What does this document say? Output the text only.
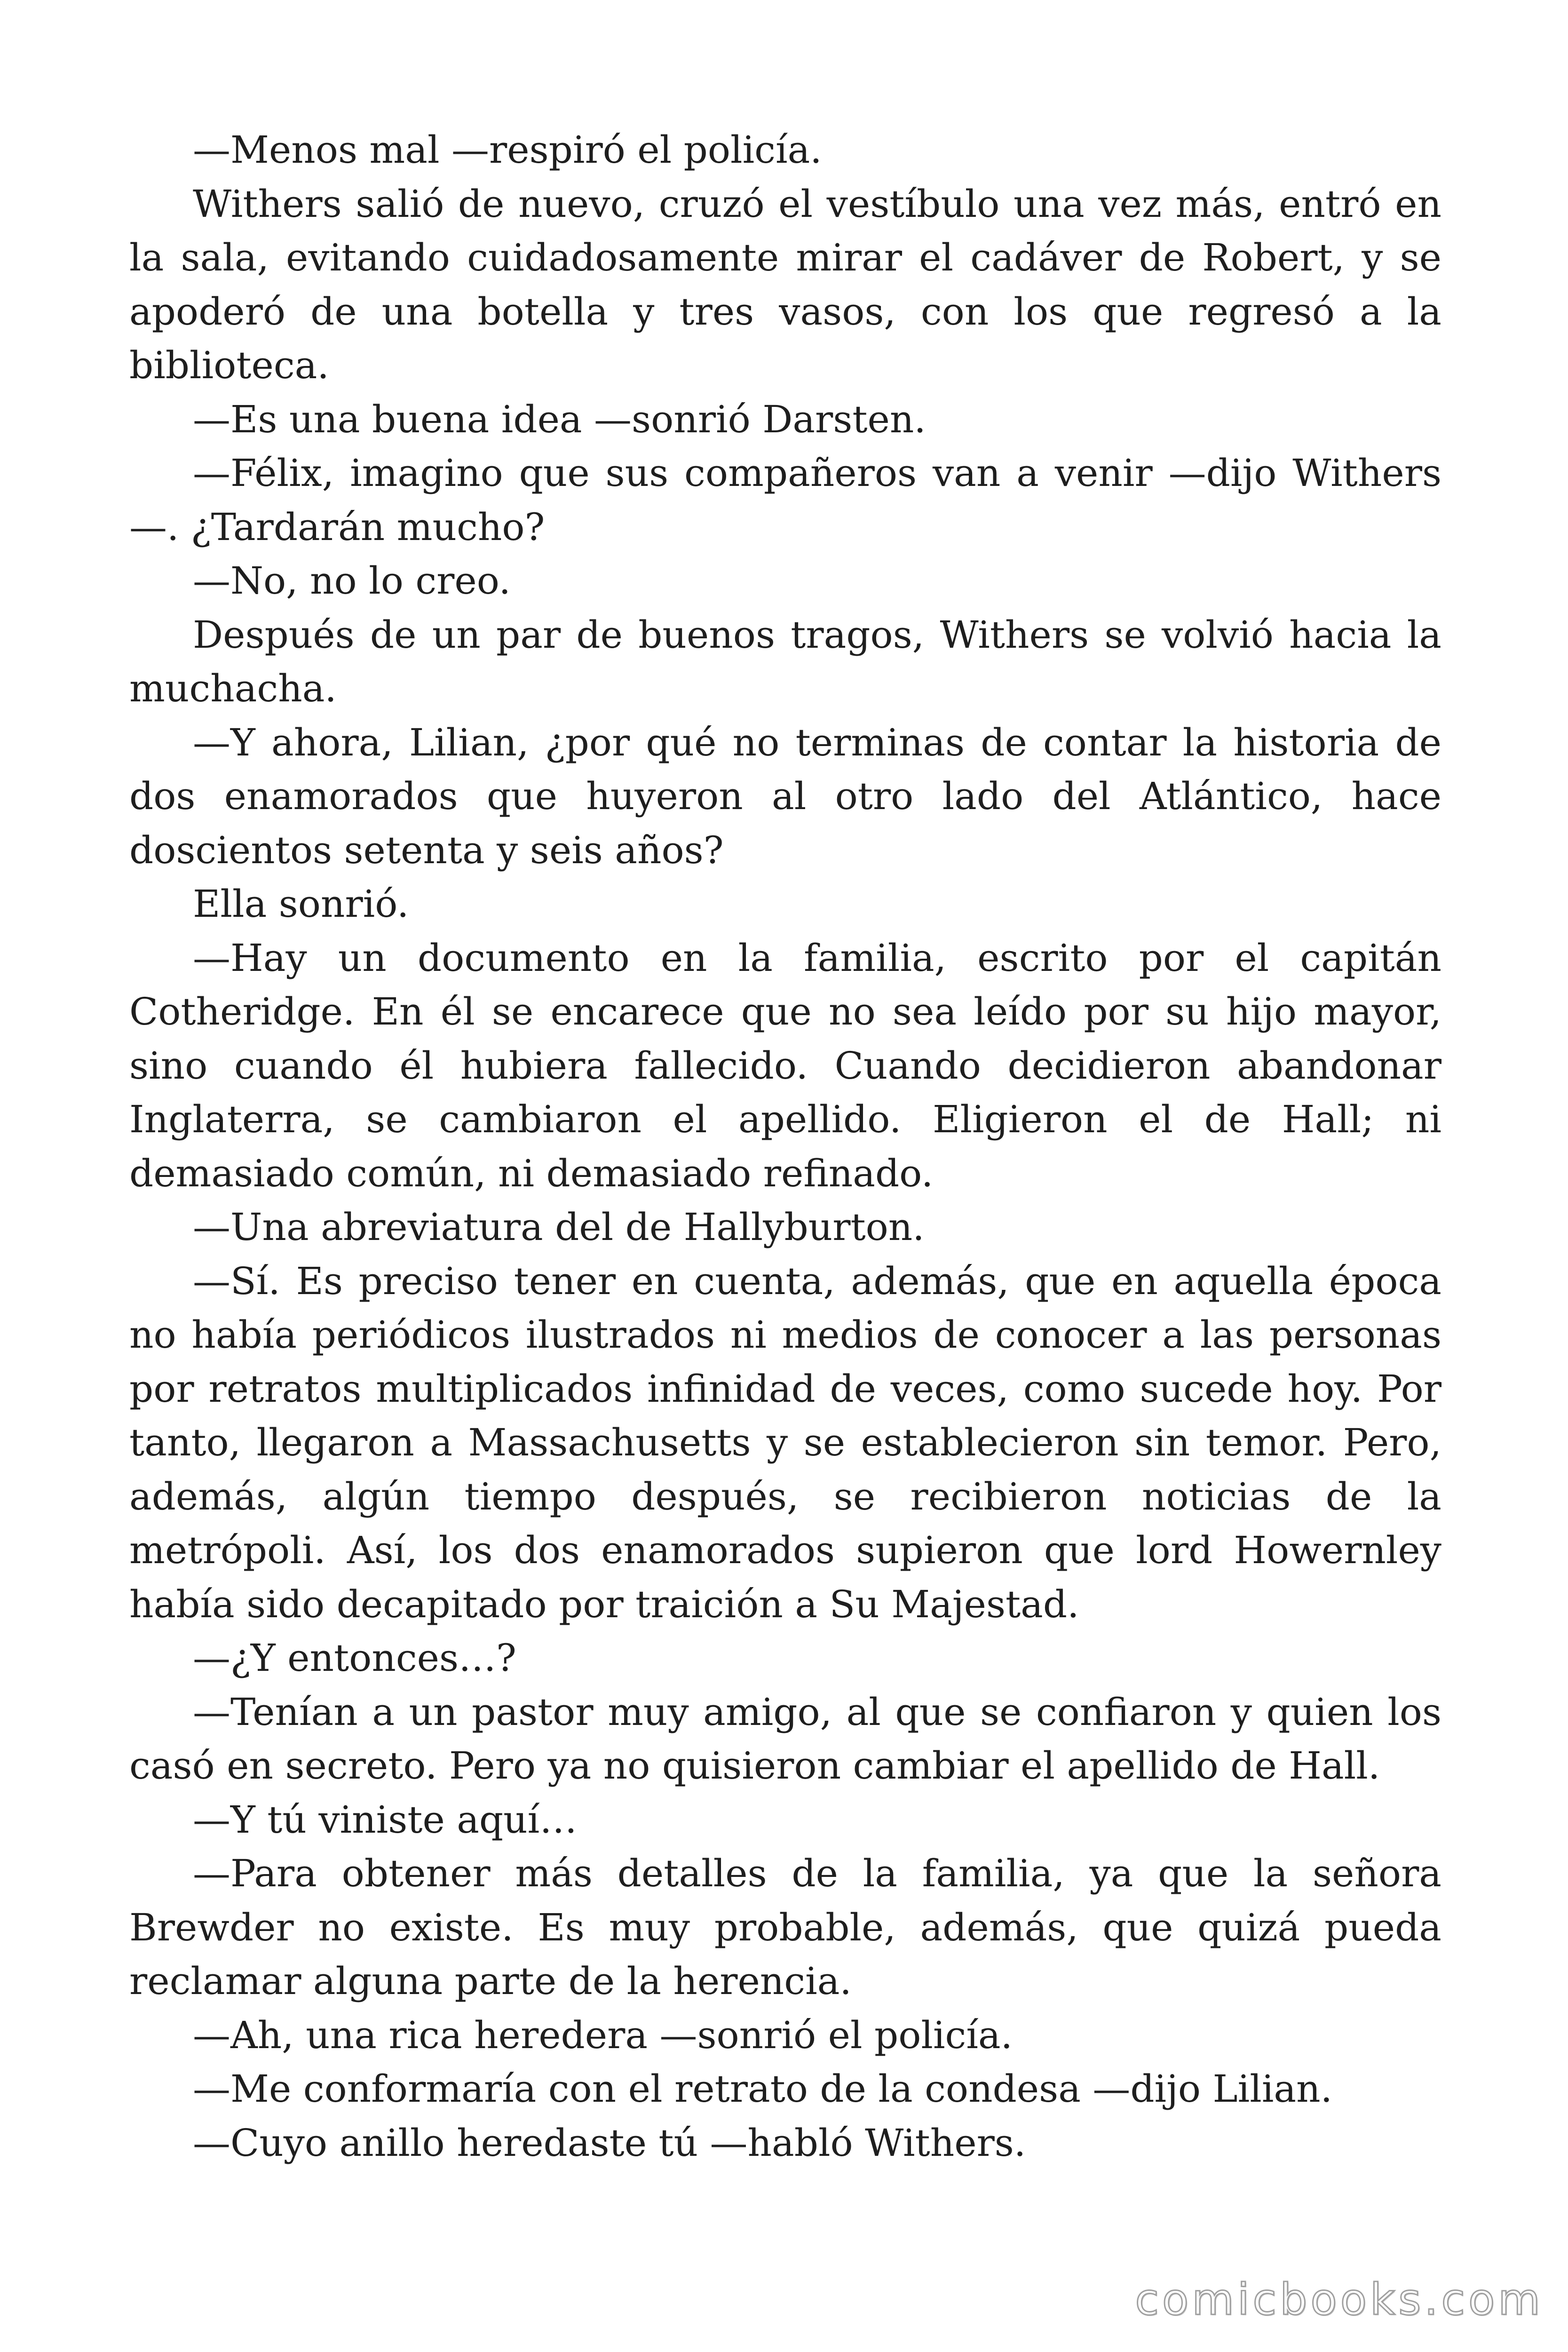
—Menos mal —respiró el policía.

Withers salió de nuevo, cruzó el vestíbulo una vez más, entró en la sala, evitando cuidadosamente mirar el cadáver de Robert, y se apoderó de una botella y tres vasos, con los que regresó a la biblioteca.

—Es una buena idea —sonrió Darsten.

—Félix, imagino que sus compañeros van a venir —dijo Withers —. ¿Tardarán mucho?

—No, no lo creo.

Después de un par de buenos tragos, Withers se volvió hacia la muchacha.

—Y ahora, Lilian, ¿por qué no terminas de contar la historia de dos enamorados que huyeron al otro lado del Atlántico, hace doscientos setenta y seis años?

Ella sonrió.

—Hay un documento en la familia, escrito por el capitán Cotheridge. En él se encarece que no sea leído por su hijo mayor, sino cuando él hubiera fallecido. Cuando decidieron abandonar Inglaterra, se cambiaron el apellido. Eligieron el de Hall; ni demasiado común, ni demasiado refinado.

—Una abreviatura del de Hallyburton.

—Sí. Es preciso tener en cuenta, además, que en aquella época no había periódicos ilustrados ni medios de conocer a las personas por retratos multiplicados infinidad de veces, como sucede hoy. Por tanto, llegaron a Massachusetts y se establecieron sin temor. Pero, además, algún tiempo después, se recibieron noticias de la metrópoli. Así, los dos enamorados supieron que lord Howernley había sido decapitado por traición a Su Majestad.

—¿Y entonces…?

—Tenían a un pastor muy amigo, al que se confiaron y quien los casó en secreto. Pero ya no quisieron cambiar el apellido de Hall.

—Y tú viniste aquí…

—Para obtener más detalles de la familia, ya que la señora Brewder no existe. Es muy probable, además, que quizá pueda reclamar alguna parte de la herencia.

—Ah, una rica heredera —sonrió el policía.

—Me conformaría con el retrato de la condesa —dijo Lilian.

—Cuyo anillo heredaste tú —habló Withers.

comicbooks.com
